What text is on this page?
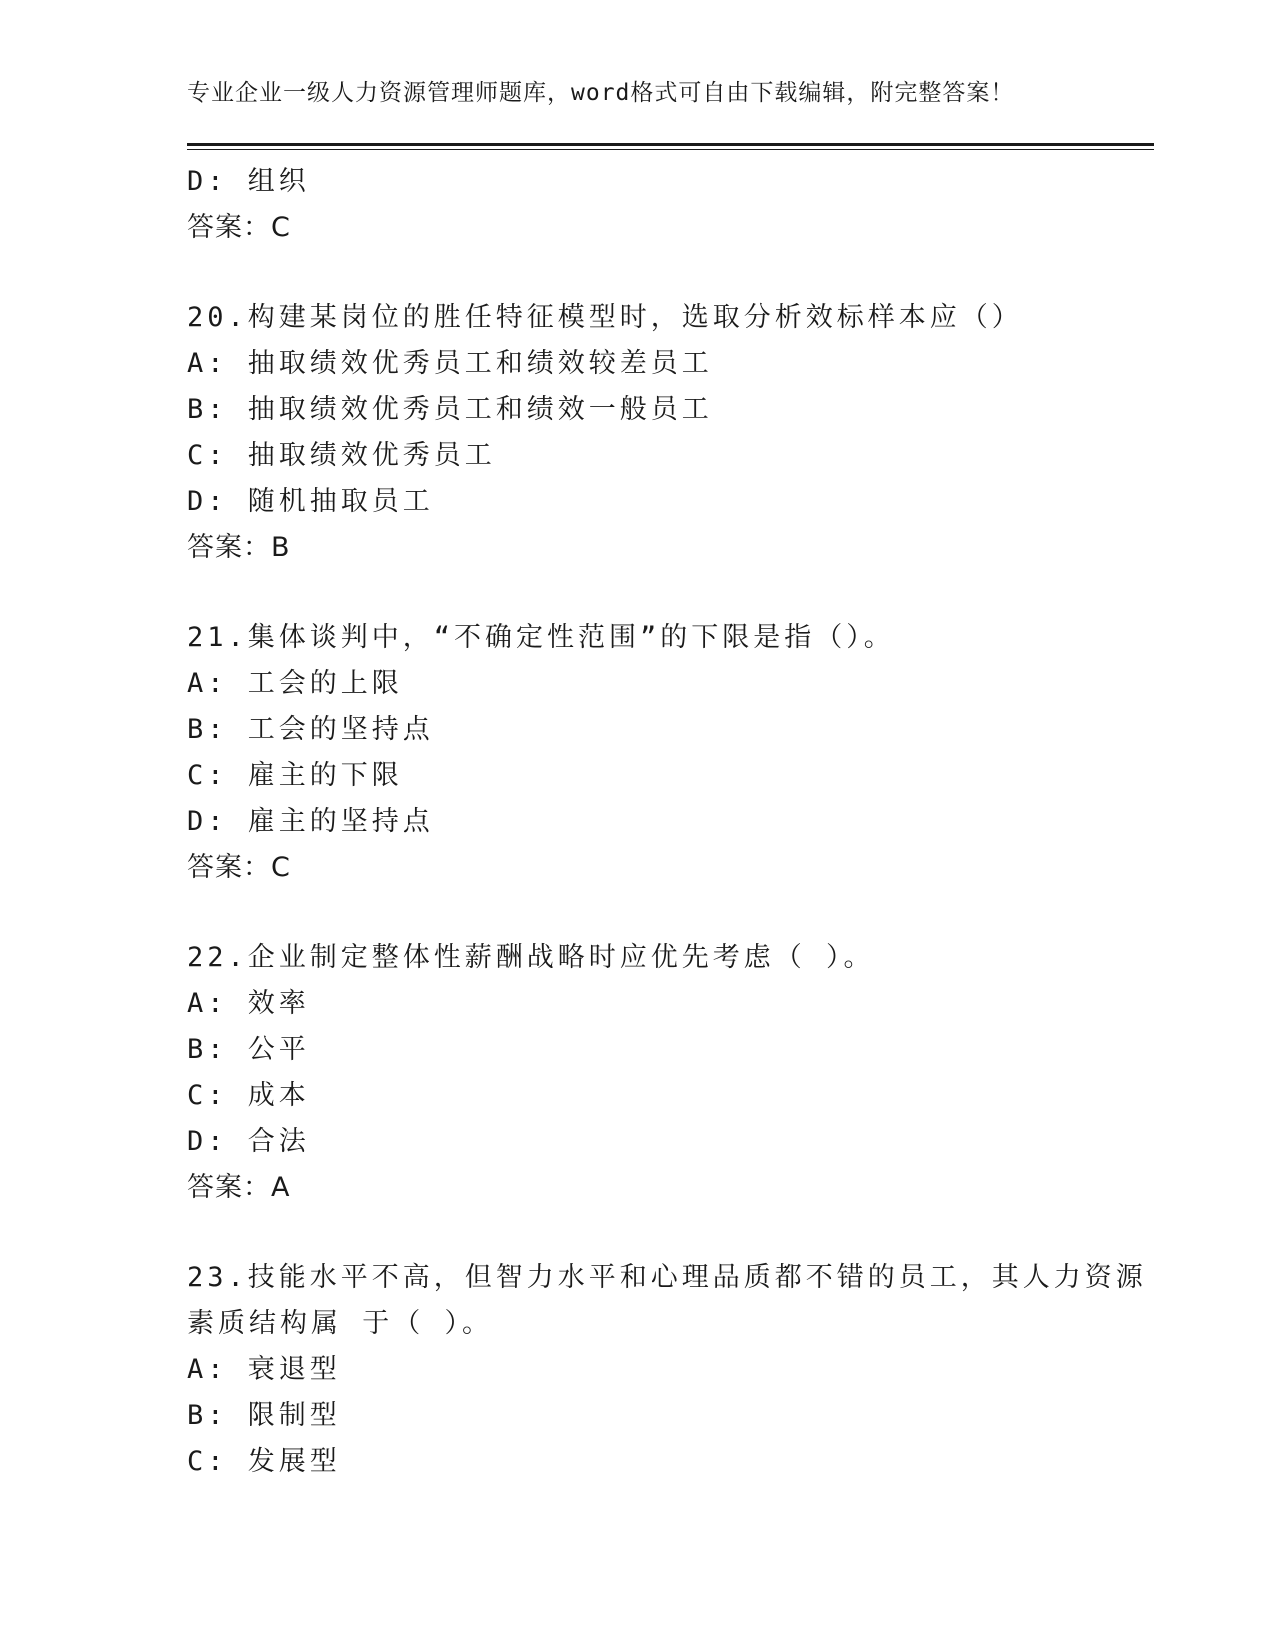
专业企业一级人力资源管理师题库，word格式可自由下载编辑，附完整答案！
D: 组织
答案：C
20.构建某岗位的胜任特征模型时，选取分析效标样本应（）
A: 抽取绩效优秀员工和绩效较差员工
B: 抽取绩效优秀员工和绩效一般员工
C: 抽取绩效优秀员工
D: 随机抽取员工
答案：B
21.集体谈判中，“不确定性范围”的下限是指（）。
A: 工会的上限
B: 工会的坚持点
C: 雇主的下限
D: 雇主的坚持点
答案：C
22.企业制定整体性薪酬战略时应优先考虑（ ）。
A: 效率
B: 公平
C: 成本
D: 合法
答案：A
23.技能水平不高，但智力水平和心理品质都不错的员工，其人力资源
素质结构属 于（ ）。
A: 衰退型
B: 限制型
C: 发展型
